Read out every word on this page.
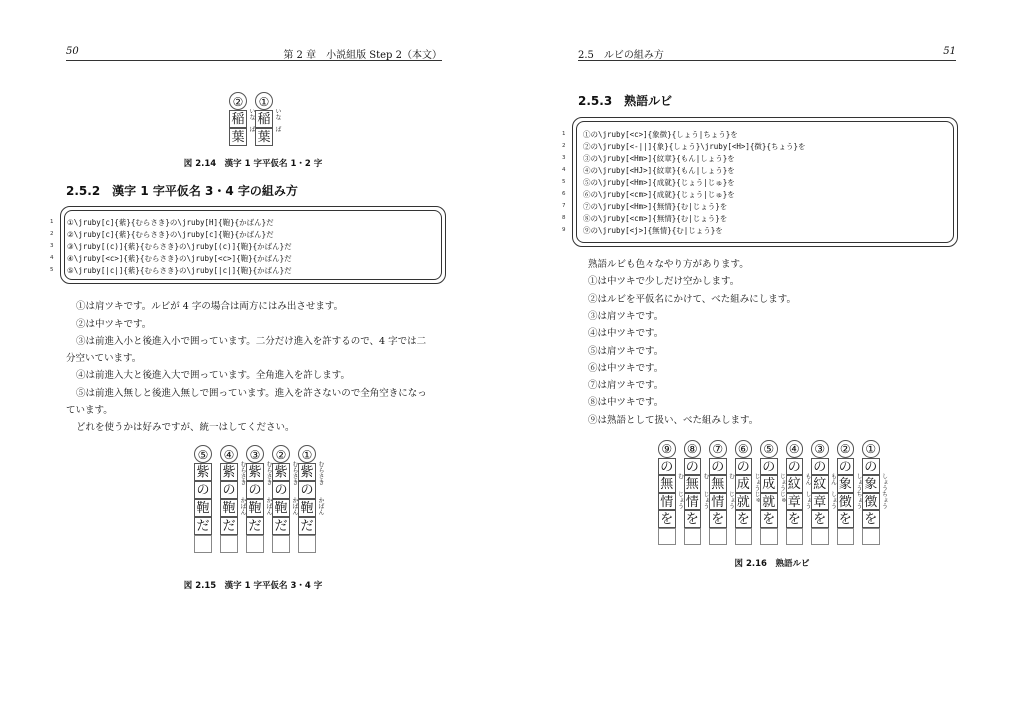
50	第 2 章　小説組版 Step 2（本文）
②
稲 いな
葉
ば
①
稲 いな
葉
ば
図 2.14　漢字 1 字平仮名 1・2 字
2.5.2　漢字 1 字平仮名 3・4 字の組み方
1
2
3
4
5
①\jruby[c]{紫}{むらさき}の\jruby[H]{鞄}{かばん}だ
②\jruby[c]{紫}{むらさき}の\jruby[c]{鞄}{かばん}だ
③\jruby[(c)]{紫}{むらさき}の\jruby[(c)]{鞄}{かばん}だ
④\jruby[<c>]{紫}{むらさき}の\jruby[<c>]{鞄}{かばん}だ
⑤\jruby[|c|]{紫}{むらさき}の\jruby[|c|]{鞄}{かばん}だ
①は肩ツキです。ルビが 4 字の場合は両方にはみ出させます。
②は中ツキです。
③は前進入小と後進入小で囲っています。二分だけ進入を許するので、4 字では二
分空いています。
④は前進入大と後進入大で囲っています。全角進入を許します。
⑤は前進入無しと後進入無しで囲っています。進入を許さないので全角空きになっ
ています。
どれを使うかは好みですが、統一はしてください。
⑤
紫
の
鞄
だ
④
紫 むらさき
の
鞄 かばん
だ
③
紫 むらさき
の
鞄 かばん
だ
②
紫 むらさき
の
鞄 かばん
だ
①
紫 むらさき
の
鞄 かばん
だ
図 2.15　漢字 1 字平仮名 3・4 字
2.5　ルビの組み方	51
2.5.3　熟語ルビ
1
2
3
4
5
6
7
8
9
①の\jruby[<c>]{象徴}{しょう|ちょう}を
②の\jruby[<-||]{象}{しょう}\jruby[<H>]{徴}{ちょう}を
③の\jruby[<Hm>]{紋章}{もん|しょう}を
④の\jruby[<HJ>]{紋章}{もん|しょう}を
⑤の\jruby[<Hm>]{成就}{じょう|じゅ}を
⑥の\jruby[<cm>]{成就}{じょう|じゅ}を
⑦の\jruby[<Hm>]{無情}{む|じょう}を
⑧の\jruby[<cm>]{無情}{む|じょう}を
⑨の\jruby[<j>]{無情}{む|じょう}を
熟語ルビも色々なやり方があります。
①は中ツキで少しだけ空かします。
②はルビを平仮名にかけて、べた組みにします。
③は肩ツキです。
④は中ツキです。
⑤は肩ツキです。
⑥は中ツキです。
⑦は肩ツキです。
⑧は中ツキです。
⑨は熟語として扱い、べた組みします。
⑨
の
無
む
情 じょう
を
⑧
の
無
む
情 じょう
を
⑦
の
無
む
情 じょう
を
⑥
の
成 じょう
就 じゅ
を
⑤
の
成 じょう
就 じゅ
を
④
の
紋 もん
章 しょう
を
③
の
紋 もん
章 しょう
を
②
の
象 しょう
徴 ちょう
を
①
の
象 しょう
徴 ちょう
を
図 2.16　熟語ルビ
